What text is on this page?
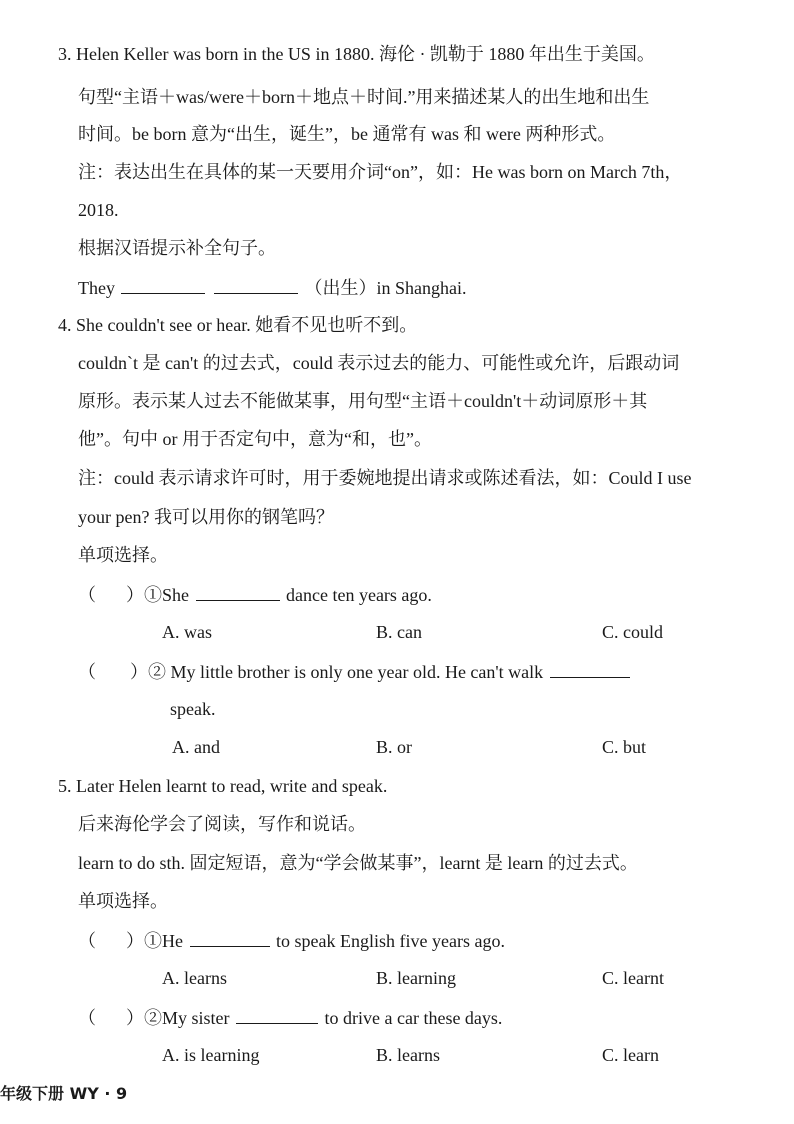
3. Helen Keller was born in the US in 1880. 海伦 · 凯勒于 1880 年出生于美国。
句型“主语＋was/were＋born＋地点＋时间.”用来描述某人的出生地和出生
时间。be born 意为“出生，诞生”，be 通常有 was 和 were 两种形式。
注：表达出生在具体的某一天要用介词“on”，如：He was born on March 7th，
2018.
根据汉语提示补全句子。
They	（出生）in Shanghai.
4. She couldn't see or hear. 她看不见也听不到。
couldn`t 是 can't 的过去式，could 表示过去的能力、可能性或允许，后跟动词
原形。表示某人过去不能做某事，用句型“主语＋couldn't＋动词原形＋其
他”。句中 or 用于否定句中，意为“和，也”。
注：could 表示请求许可时，用于委婉地提出请求或陈述看法，如：Could I use
your pen? 我可以用你的钢笔吗？
单项选择。
（ ）①She	dance ten years ago.
A. was	B. can	C. could
（ ）② My little brother is only one year old. He can't walk
speak.
A. and	B. or	C. but
5. Later Helen learnt to read, write and speak.
后来海伦学会了阅读，写作和说话。
learn to do sth. 固定短语，意为“学会做某事”，learnt 是 learn 的过去式。
单项选择。
（ ）①He	to speak English five years ago.
A. learns	B. learning	C. learnt
（ ）②My sister	to drive a car these days.
A. is learning	B. learns	C. learn
年级下册 WY · 9
